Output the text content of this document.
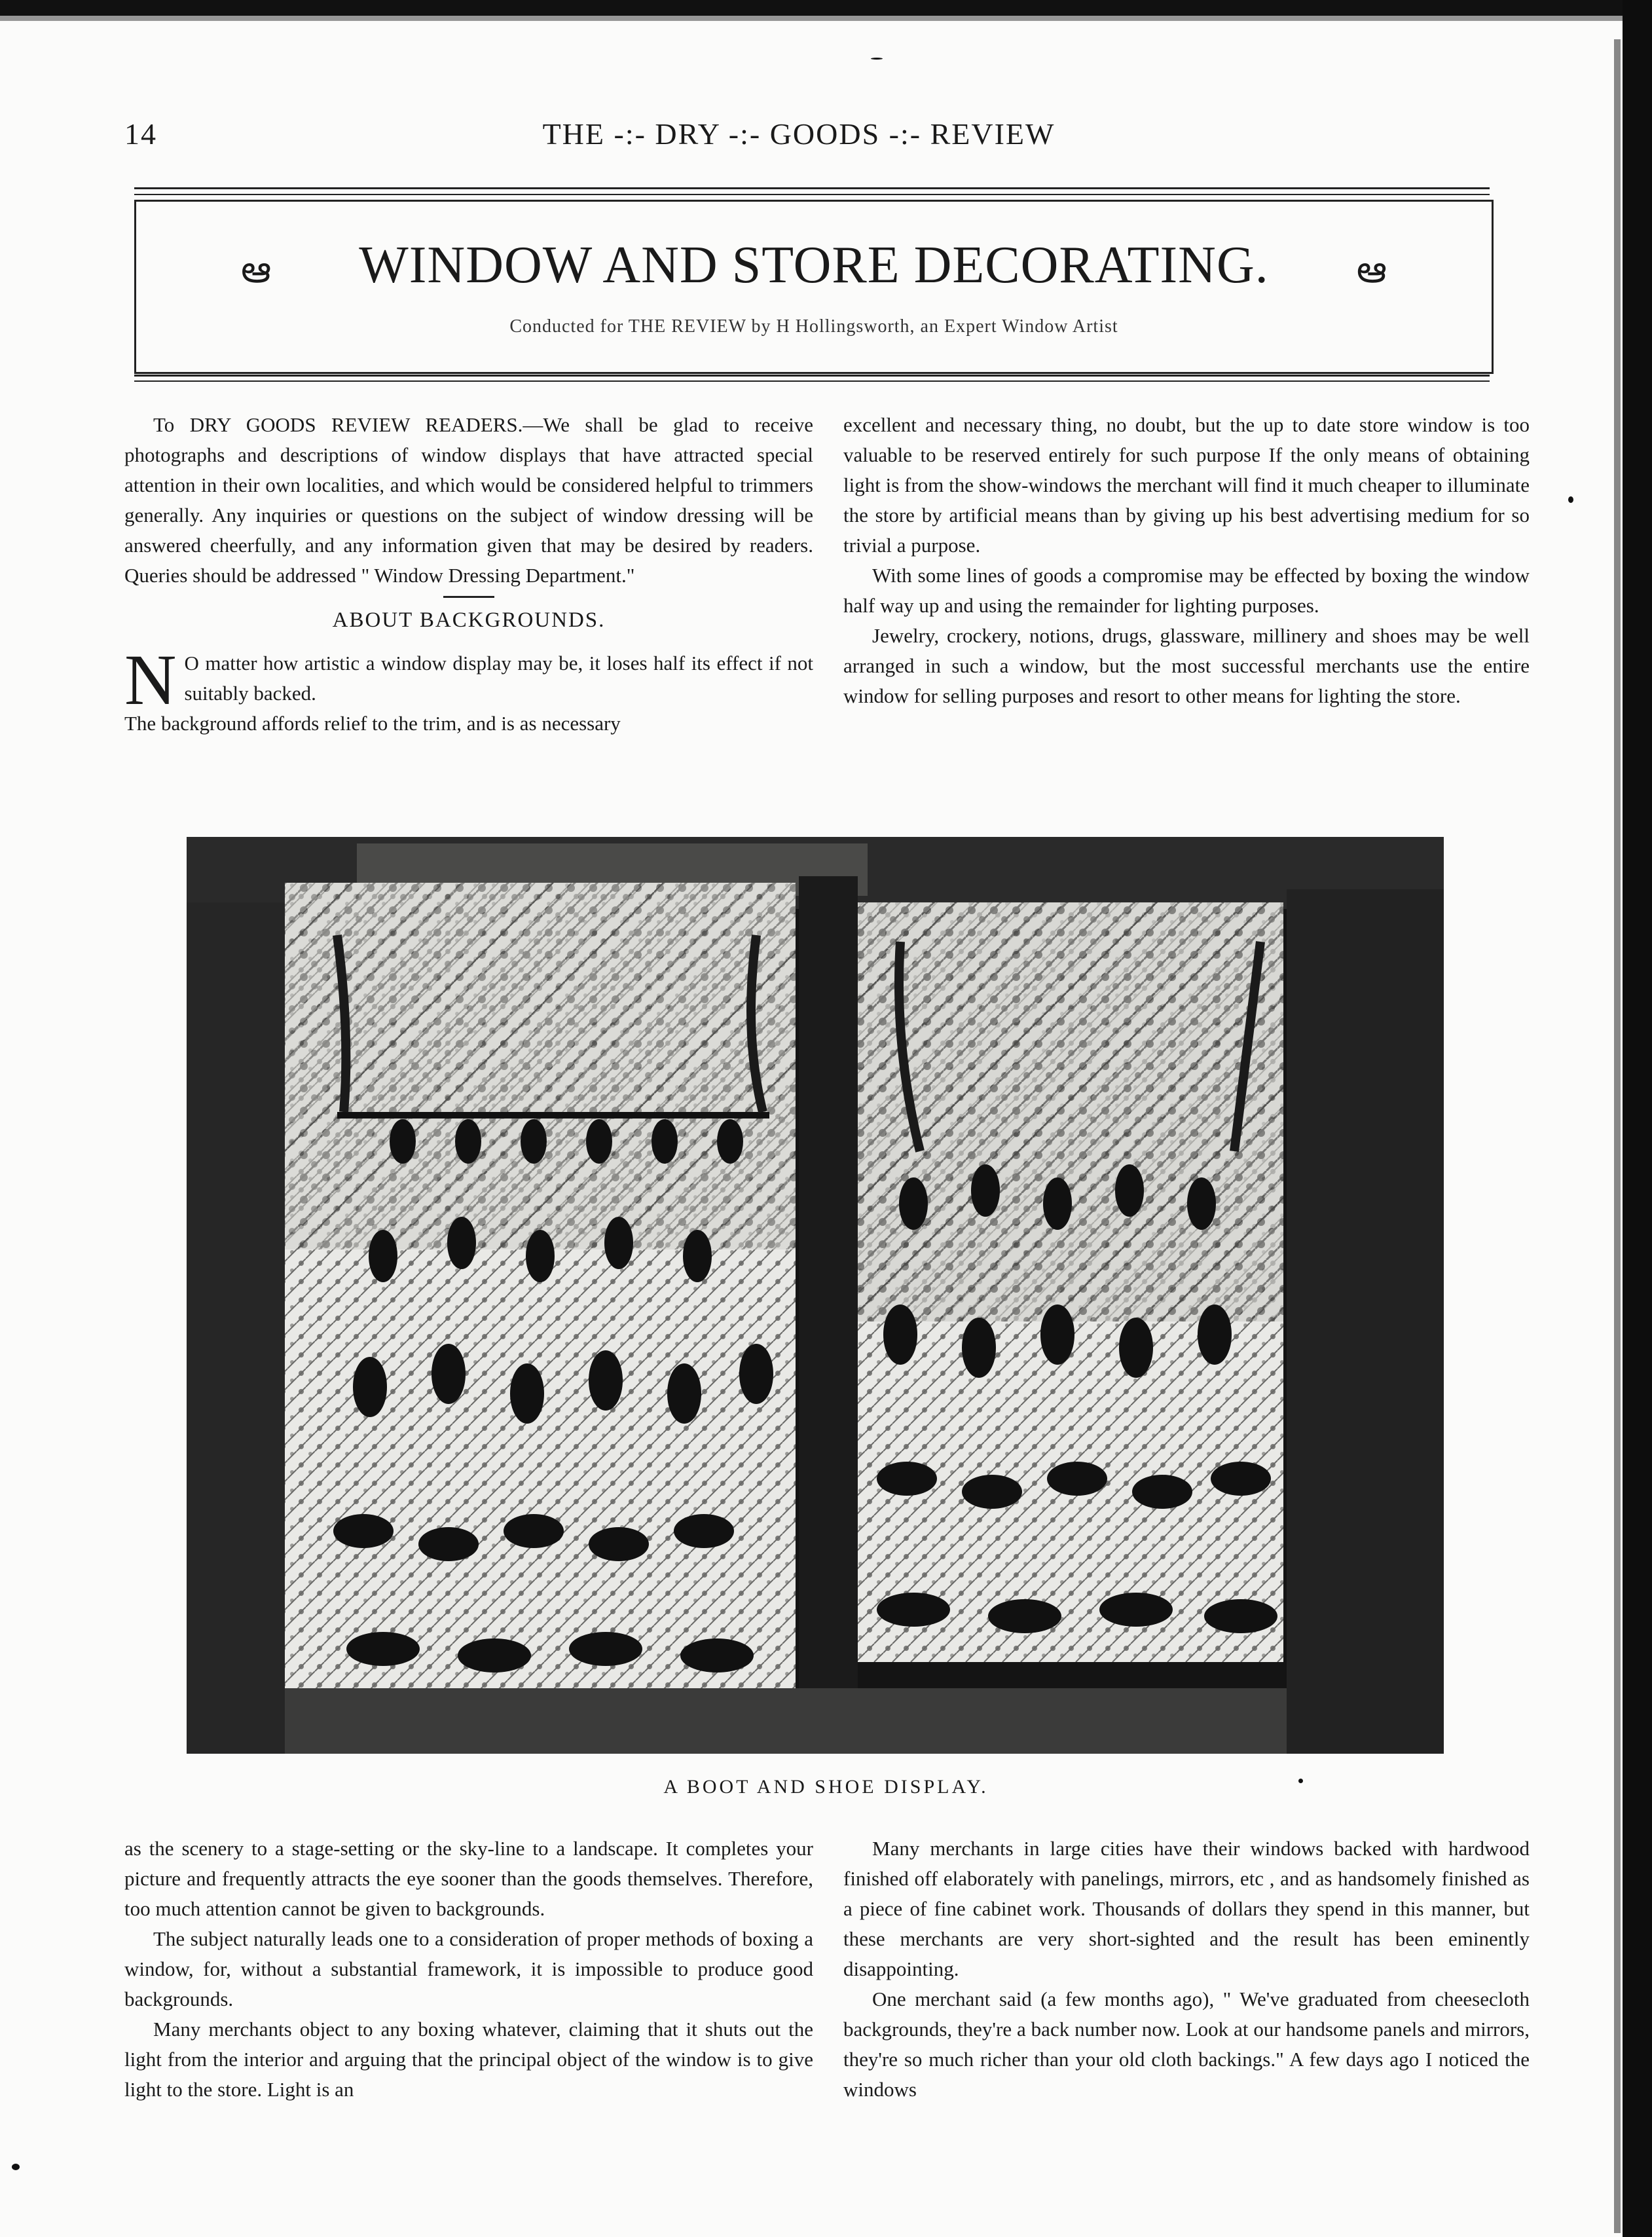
14	THE -:- DRY -:- GOODS -:- REVIEW
ఆ	WINDOW AND STORE DECORATING.	ఆ
Conducted for THE REVIEW by H Hollingsworth, an Expert Window Artist

To DRY GOODS REVIEW READERS.—We shall be glad to receive photographs and descriptions of window displays that have attracted special attention in their own localities, and which would be considered helpful to trimmers generally. Any inquiries or questions on the subject of window dressing will be answered cheerfully, and any information given that may be desired by readers. Queries should be addressed " Window Dressing Department."

ABOUT BACKGROUNDS.

N O matter how artistic a window display may be, it loses half its effect if not suitably backed.

The background affords relief to the trim, and is as necessary

excellent and necessary thing, no doubt, but the up to date store window is too valuable to be reserved entirely for such purpose If the only means of obtaining light is from the show-windows the merchant will find it much cheaper to illuminate the store by artificial means than by giving up his best advertising medium for so trivial a purpose.

With some lines of goods a compromise may be effected by boxing the window half way up and using the remainder for lighting purposes.

Jewelry, crockery, notions, drugs, glassware, millinery and shoes may be well arranged in such a window, but the most successful merchants use the entire window for selling purposes and resort to other means for lighting the store.

A BOOT AND SHOE DISPLAY.

as the scenery to a stage-setting or the sky-line to a landscape. It completes your picture and frequently attracts the eye sooner than the goods themselves. Therefore, too much attention cannot be given to backgrounds.

The subject naturally leads one to a consideration of proper methods of boxing a window, for, without a substantial framework, it is impossible to produce good backgrounds.

Many merchants object to any boxing whatever, claiming that it shuts out the light from the interior and arguing that the principal object of the window is to give light to the store. Light is an

Many merchants in large cities have their windows backed with hardwood finished off elaborately with panelings, mirrors, etc , and as handsomely finished as a piece of fine cabinet work. Thousands of dollars they spend in this manner, but these merchants are very short-sighted and the result has been eminently disappointing.

One merchant said (a few months ago), " We've graduated from cheesecloth backgrounds, they're a back number now. Look at our handsome panels and mirrors, they're so much richer than your old cloth backings." A few days ago I noticed the windows
